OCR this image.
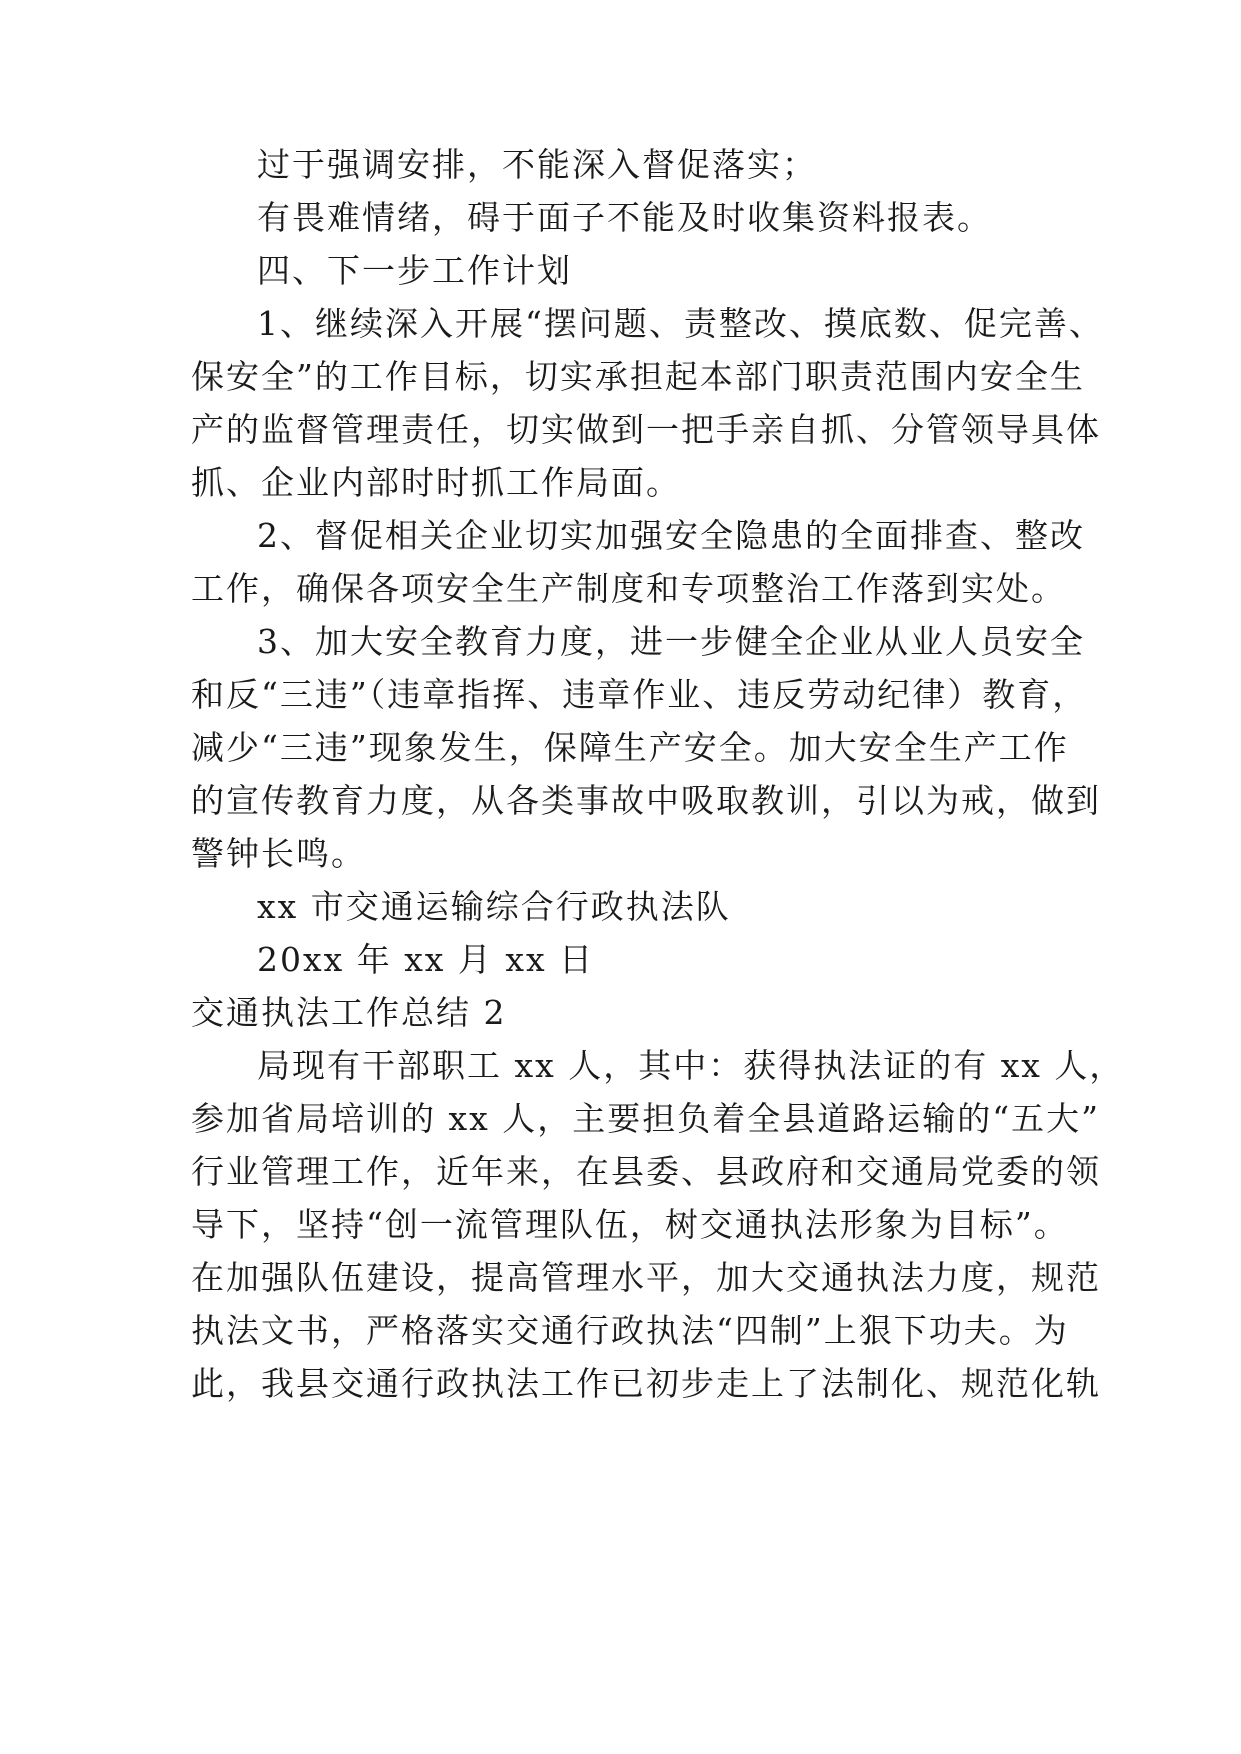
过于强调安排，不能深入督促落实；
有畏难情绪，碍于面子不能及时收集资料报表。
四、下一步工作计划
1、继续深入开展“摆问题、责整改、摸底数、促完善、
保安全”的工作目标，切实承担起本部门职责范围内安全生
产的监督管理责任，切实做到一把手亲自抓、分管领导具体
抓、企业内部时时抓工作局面。
2、督促相关企业切实加强安全隐患的全面排查、整改
工作，确保各项安全生产制度和专项整治工作落到实处。
3、加大安全教育力度，进一步健全企业从业人员安全
和反“三违”（违章指挥、违章作业、违反劳动纪律）教育，
减少“三违”现象发生，保障生产安全。加大安全生产工作
的宣传教育力度，从各类事故中吸取教训，引以为戒，做到
警钟长鸣。
xx 市交通运输综合行政执法队
20xx 年 xx 月 xx 日
交通执法工作总结 2
局现有干部职工 xx 人，其中：获得执法证的有 xx 人，
参加省局培训的 xx 人，主要担负着全县道路运输的“五大”
行业管理工作，近年来，在县委、县政府和交通局党委的领
导下，坚持“创一流管理队伍，树交通执法形象为目标”。
在加强队伍建设，提高管理水平，加大交通执法力度，规范
执法文书，严格落实交通行政执法“四制”上狠下功夫。为
此，我县交通行政执法工作已初步走上了法制化、规范化轨
